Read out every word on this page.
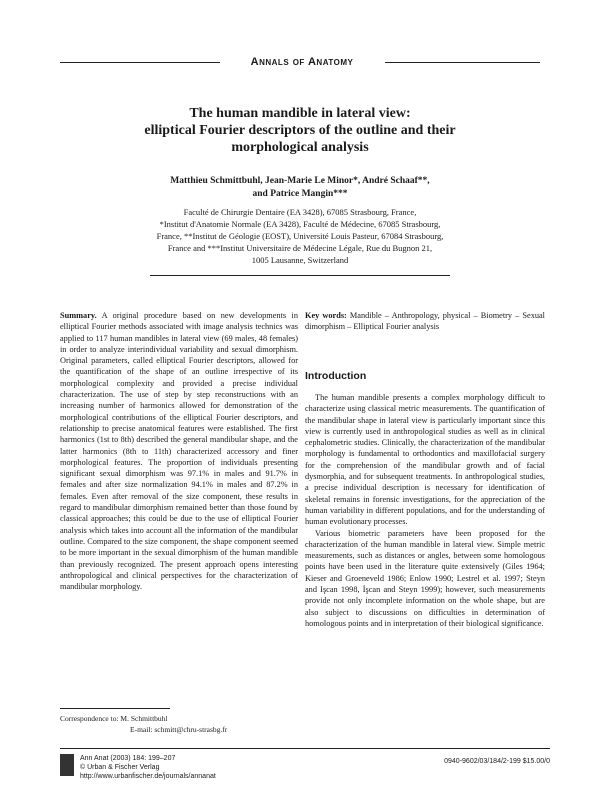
Annals of Anatomy
The human mandible in lateral view:
elliptical Fourier descriptors of the outline and their
morphological analysis
Matthieu Schmittbuhl, Jean-Marie Le Minor*, André Schaaf**,
and Patrice Mangin***
Faculté de Chirurgie Dentaire (EA 3428), 67085 Strasbourg, France,
*Institut d'Anatomie Normale (EA 3428), Faculté de Médecine, 67085 Strasbourg,
France, **Institut de Géologie (EOST), Université Louis Pasteur, 67084 Strasbourg,
France and ***Institut Universitaire de Médecine Légale, Rue du Bugnon 21,
1005 Lausanne, Switzerland
Summary. A original procedure based on new developments in elliptical Fourier methods associated with image analysis technics was applied to 117 human mandibles in lateral view (69 males, 48 females) in order to analyze interindividual variability and sexual dimorphism. Original parameters, called elliptical Fourier descriptors, allowed for the quantification of the shape of an outline irrespective of its morphological complexity and provided a precise individual characterization. The use of step by step reconstructions with an increasing number of harmonics allowed for demonstration of the morphological contributions of the elliptical Fourier descriptors, and relationship to precise anatomical features were established. The first harmonics (1st to 8th) described the general mandibular shape, and the latter harmonics (8th to 11th) characterized accessory and finer morphological features. The proportion of individuals presenting significant sexual dimorphism was 97.1% in males and 91.7% in females and after size normalization 94.1% in males and 87.2% in females. Even after removal of the size component, these results in regard to mandibular dimorphism remained better than those found by classical approaches; this could be due to the use of elliptical Fourier analysis which takes into account all the information of the mandibular outline. Compared to the size component, the shape component seemed to be more important in the sexual dimorphism of the human mandible than previously recognized. The present approach opens interesting anthropological and clinical perspectives for the characterization of mandibular morphology.
Key words: Mandible – Anthropology, physical – Biometry – Sexual dimorphism – Elliptical Fourier analysis
Introduction

The human mandible presents a complex morphology difficult to characterize using classical metric measurements. The quantification of the mandibular shape in lateral view is particularly important since this view is currently used in anthropological studies as well as in clinical cephalometric studies. Clinically, the characterization of the mandibular morphology is fundamental to orthodontics and maxillofacial surgery for the comprehension of the mandibular growth and of facial dysmorphia, and for subsequent treatments. In anthropological studies, a precise individual description is necessary for identification of skeletal remains in forensic investigations, for the appreciation of the human variability in different populations, and for the understanding of human evolutionary processes.

Various biometric parameters have been proposed for the characterization of the human mandible in lateral view. Simple metric measurements, such as distances or angles, between some homologous points have been used in the literature quite extensively (Giles 1964; Kieser and Groeneveld 1986; Enlow 1990; Lestrel et al. 1997; Steyn and Işcan 1998, İşcan and Steyn 1999); however, such measurements provide not only incomplete information on the whole shape, but are also subject to discussions on difficulties in determination of homologous points and in interpretation of their biological significance.

Correspondence to: M. Schmittbuhl
E-mail: schmitt@chru-strasbg.fr
Ann Anat (2003) 184: 199–207
© Urban & Fischer Verlag
http://www.urbanfischer.de/journals/annanat
0940-9602/03/184/2-199 $15.00/0
